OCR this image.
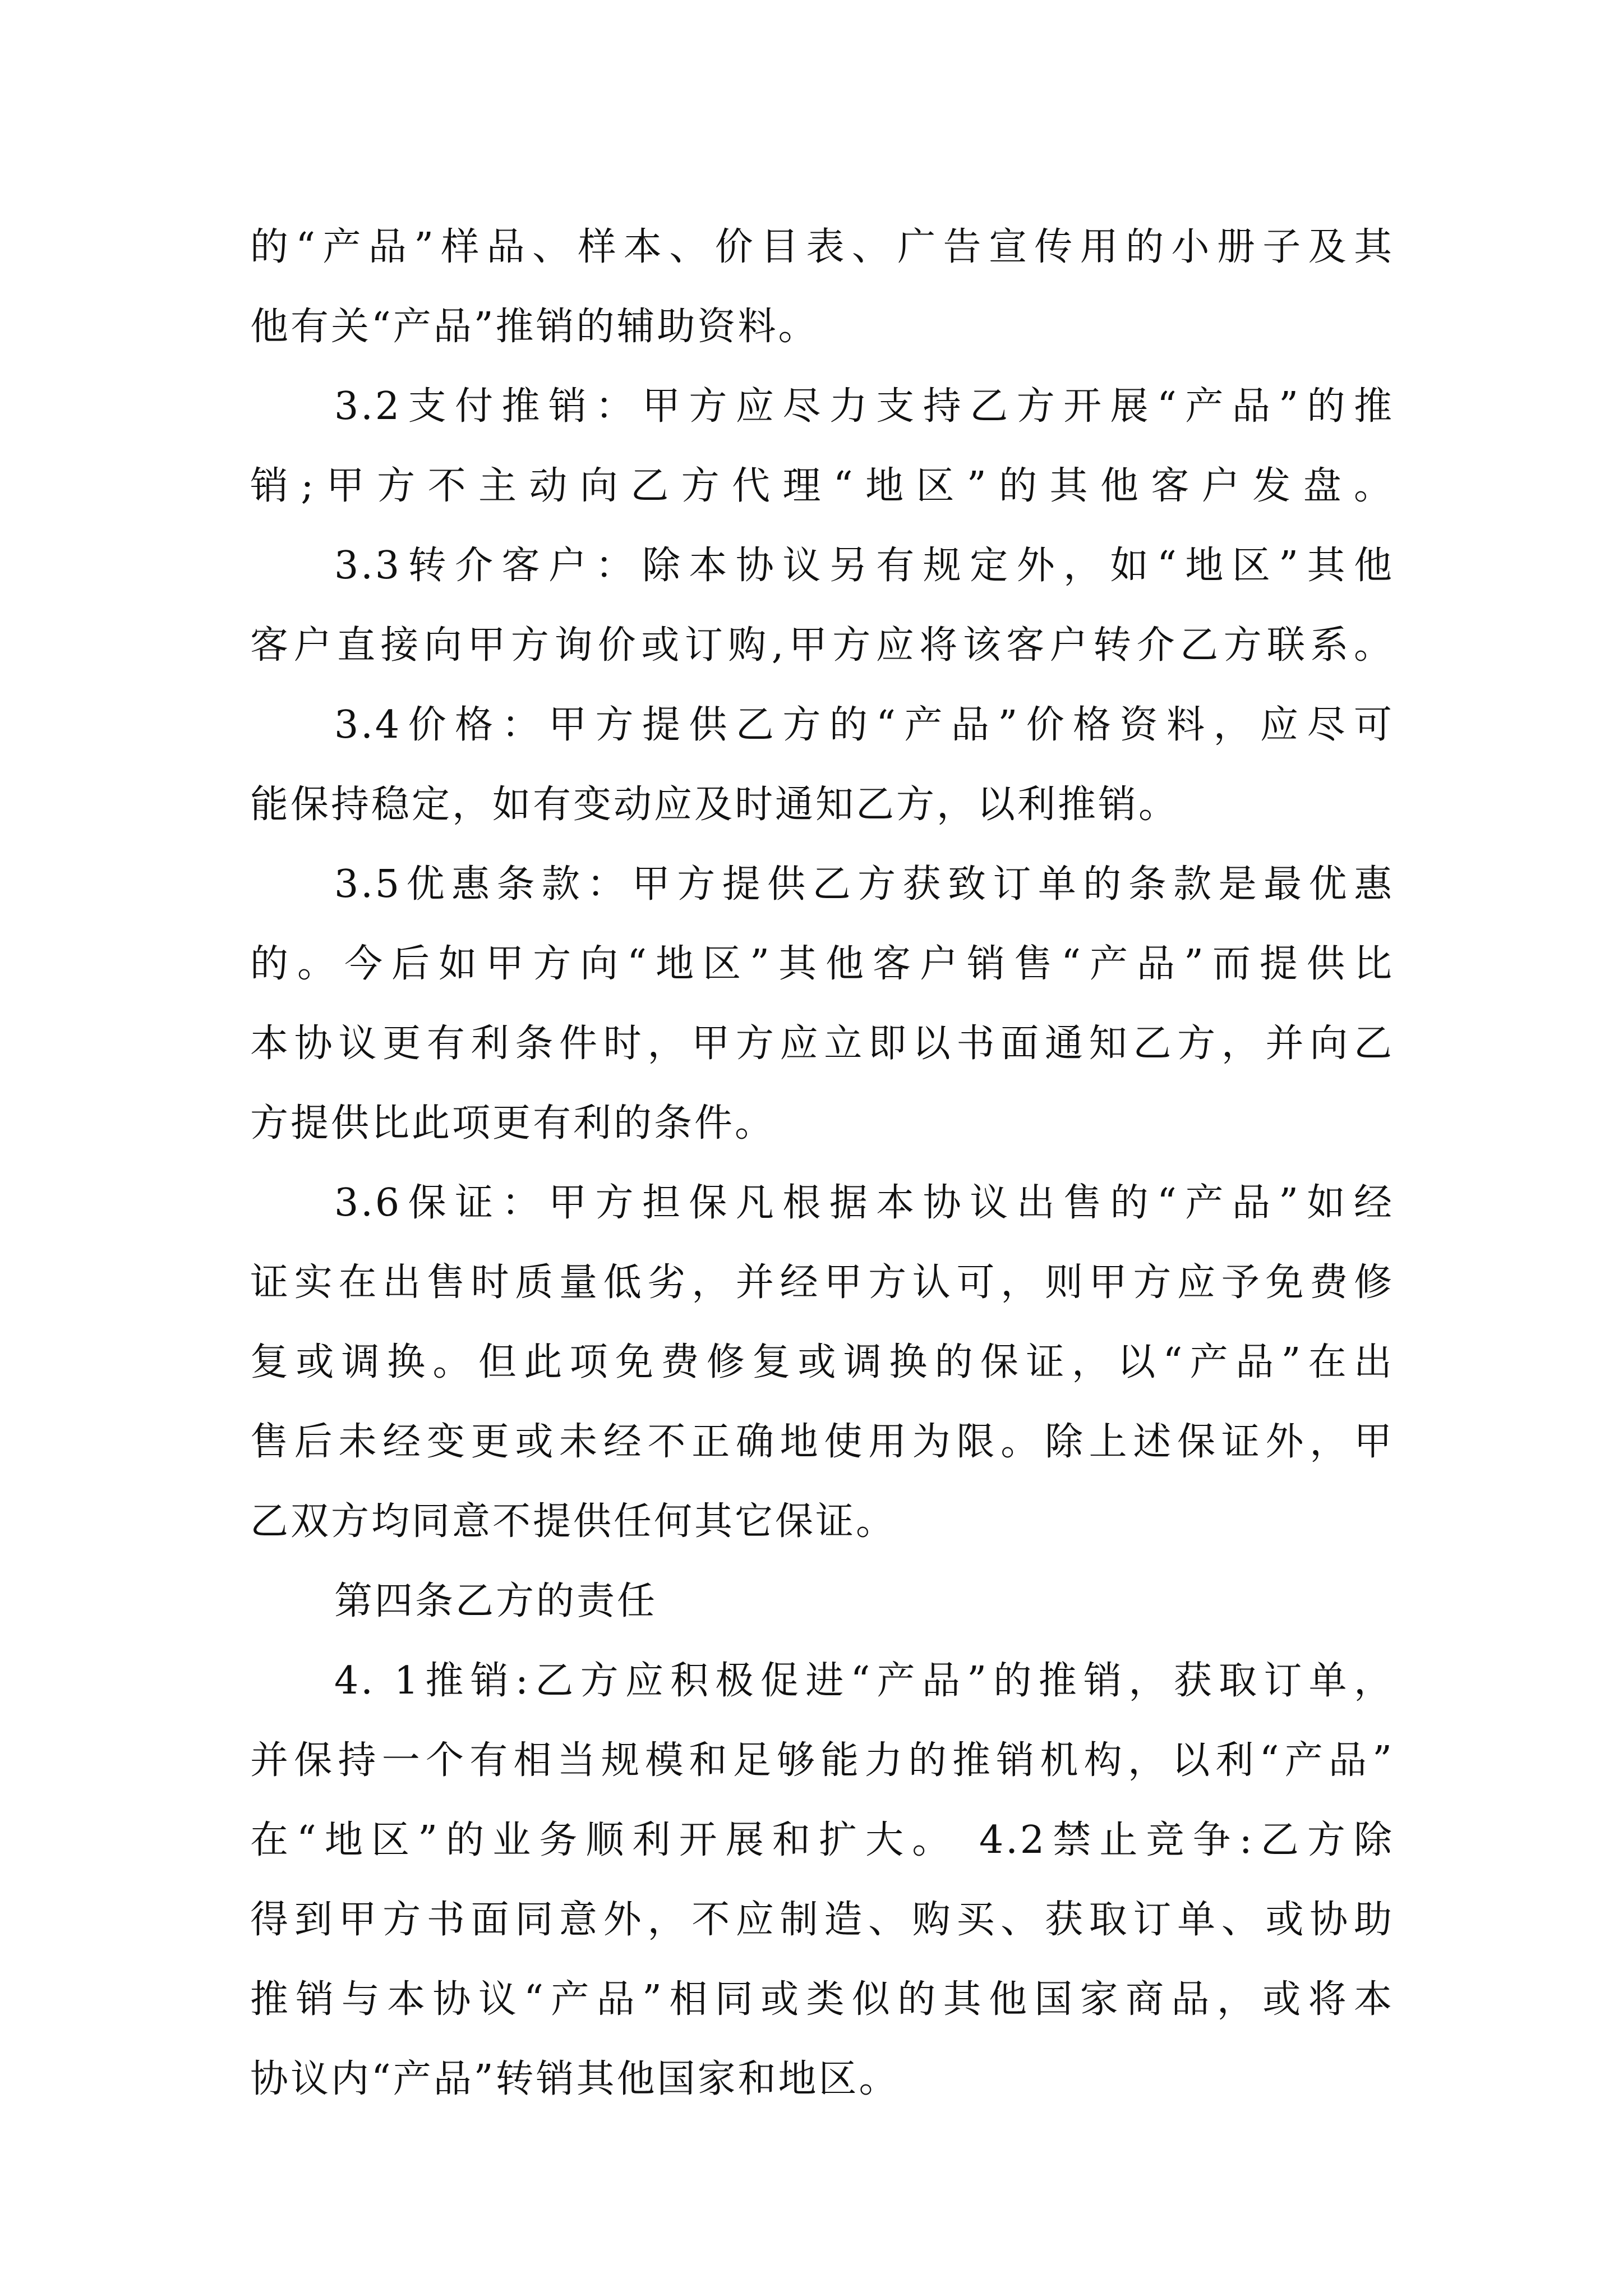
的“产品”样品、样本、价目表、广告宣传用的小册子及其
他有关“产品”推销的辅助资料。
3.2支付推销：甲方应尽力支持乙方开展“产品”的推
销;甲方不主动向乙方代理“地区”的其他客户发盘。
3.3转介客户：除本协议另有规定外，如“地区”其他
客户直接向甲方询价或订购,甲方应将该客户转介乙方联系。
3.4价格：甲方提供乙方的“产品”价格资料，应尽可
能保持稳定，如有变动应及时通知乙方，以利推销。
3.5优惠条款：甲方提供乙方获致订单的条款是最优惠
的。今后如甲方向“地区”其他客户销售“产品”而提供比
本协议更有利条件时，甲方应立即以书面通知乙方，并向乙
方提供比此项更有利的条件。
3.6保证：甲方担保凡根据本协议出售的“产品”如经
证实在出售时质量低劣，并经甲方认可，则甲方应予免费修
复或调换。但此项免费修复或调换的保证，以“产品”在出
售后未经变更或未经不正确地使用为限。除上述保证外，甲
乙双方均同意不提供任何其它保证。
第四条乙方的责任
4. 1推销:乙方应积极促进“产品”的推销，获取订单，
并保持一个有相当规模和足够能力的推销机构，以利“产品”
在“地区”的业务顺利开展和扩大。 4.2禁止竞争:乙方除
得到甲方书面同意外，不应制造、购买、获取订单、或协助
推销与本协议“产品”相同或类似的其他国家商品，或将本
协议内“产品”转销其他国家和地区。
